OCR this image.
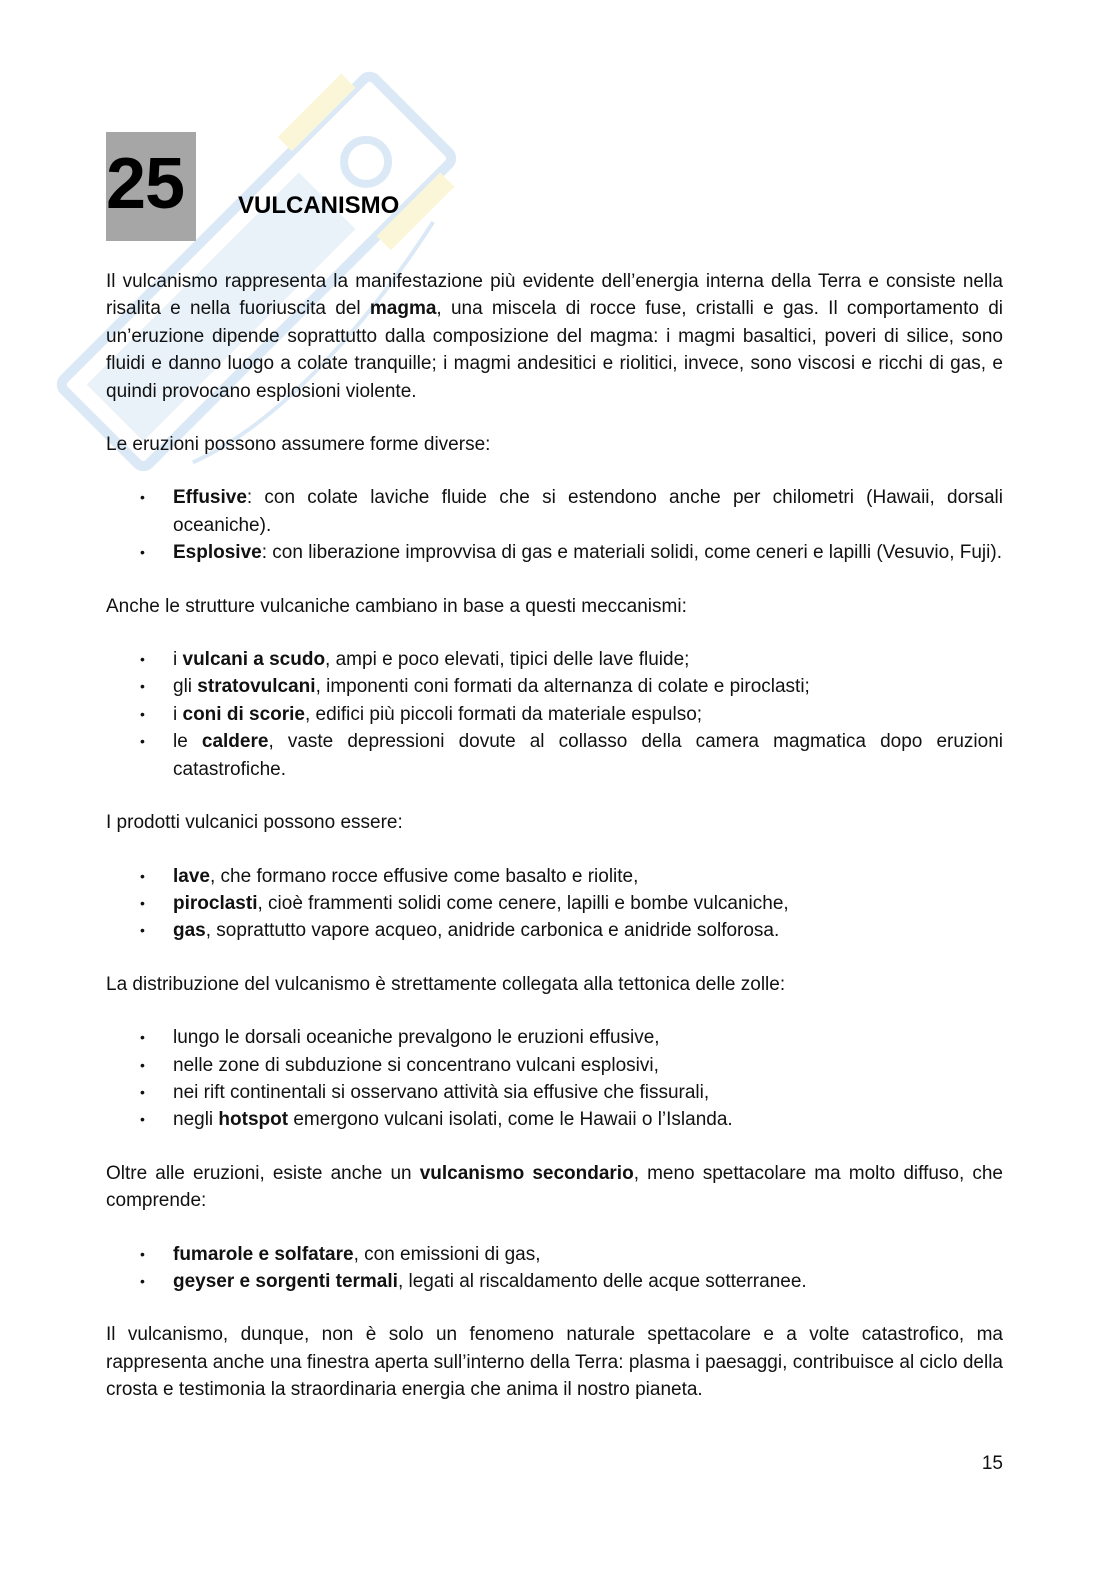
25 VULCANISMO

Il vulcanismo rappresenta la manifestazione più evidente dell’energia interna della Terra e consiste nella risalita e nella fuoriuscita del magma, una miscela di rocce fuse, cristalli e gas. Il comportamento di un’eruzione dipende soprattutto dalla composizione del magma: i magmi basaltici, poveri di silice, sono fluidi e danno luogo a colate tranquille; i magmi andesitici e riolitici, invece, sono viscosi e ricchi di gas, e quindi provocano esplosioni violente.

Le eruzioni possono assumere forme diverse:

• Effusive: con colate laviche fluide che si estendono anche per chilometri (Hawaii, dorsali oceaniche).
• Esplosive: con liberazione improvvisa di gas e materiali solidi, come ceneri e lapilli (Vesuvio, Fuji).

Anche le strutture vulcaniche cambiano in base a questi meccanismi:

• i vulcani a scudo, ampi e poco elevati, tipici delle lave fluide;
• gli stratovulcani, imponenti coni formati da alternanza di colate e piroclasti;
• i coni di scorie, edifici più piccoli formati da materiale espulso;
• le caldere, vaste depressioni dovute al collasso della camera magmatica dopo eruzioni catastrofiche.

I prodotti vulcanici possono essere:

• lave, che formano rocce effusive come basalto e riolite,
• piroclasti, cioè frammenti solidi come cenere, lapilli e bombe vulcaniche,
• gas, soprattutto vapore acqueo, anidride carbonica e anidride solforosa.

La distribuzione del vulcanismo è strettamente collegata alla tettonica delle zolle:

• lungo le dorsali oceaniche prevalgono le eruzioni effusive,
• nelle zone di subduzione si concentrano vulcani esplosivi,
• nei rift continentali si osservano attività sia effusive che fissurali,
• negli hotspot emergono vulcani isolati, come le Hawaii o l’Islanda.

Oltre alle eruzioni, esiste anche un vulcanismo secondario, meno spettacolare ma molto diffuso, che comprende:

• fumarole e solfatare, con emissioni di gas,
• geyser e sorgenti termali, legati al riscaldamento delle acque sotterranee.

Il vulcanismo, dunque, non è solo un fenomeno naturale spettacolare e a volte catastrofico, ma rappresenta anche una finestra aperta sull’interno della Terra: plasma i paesaggi, contribuisce al ciclo della crosta e testimonia la straordinaria energia che anima il nostro pianeta.

15
